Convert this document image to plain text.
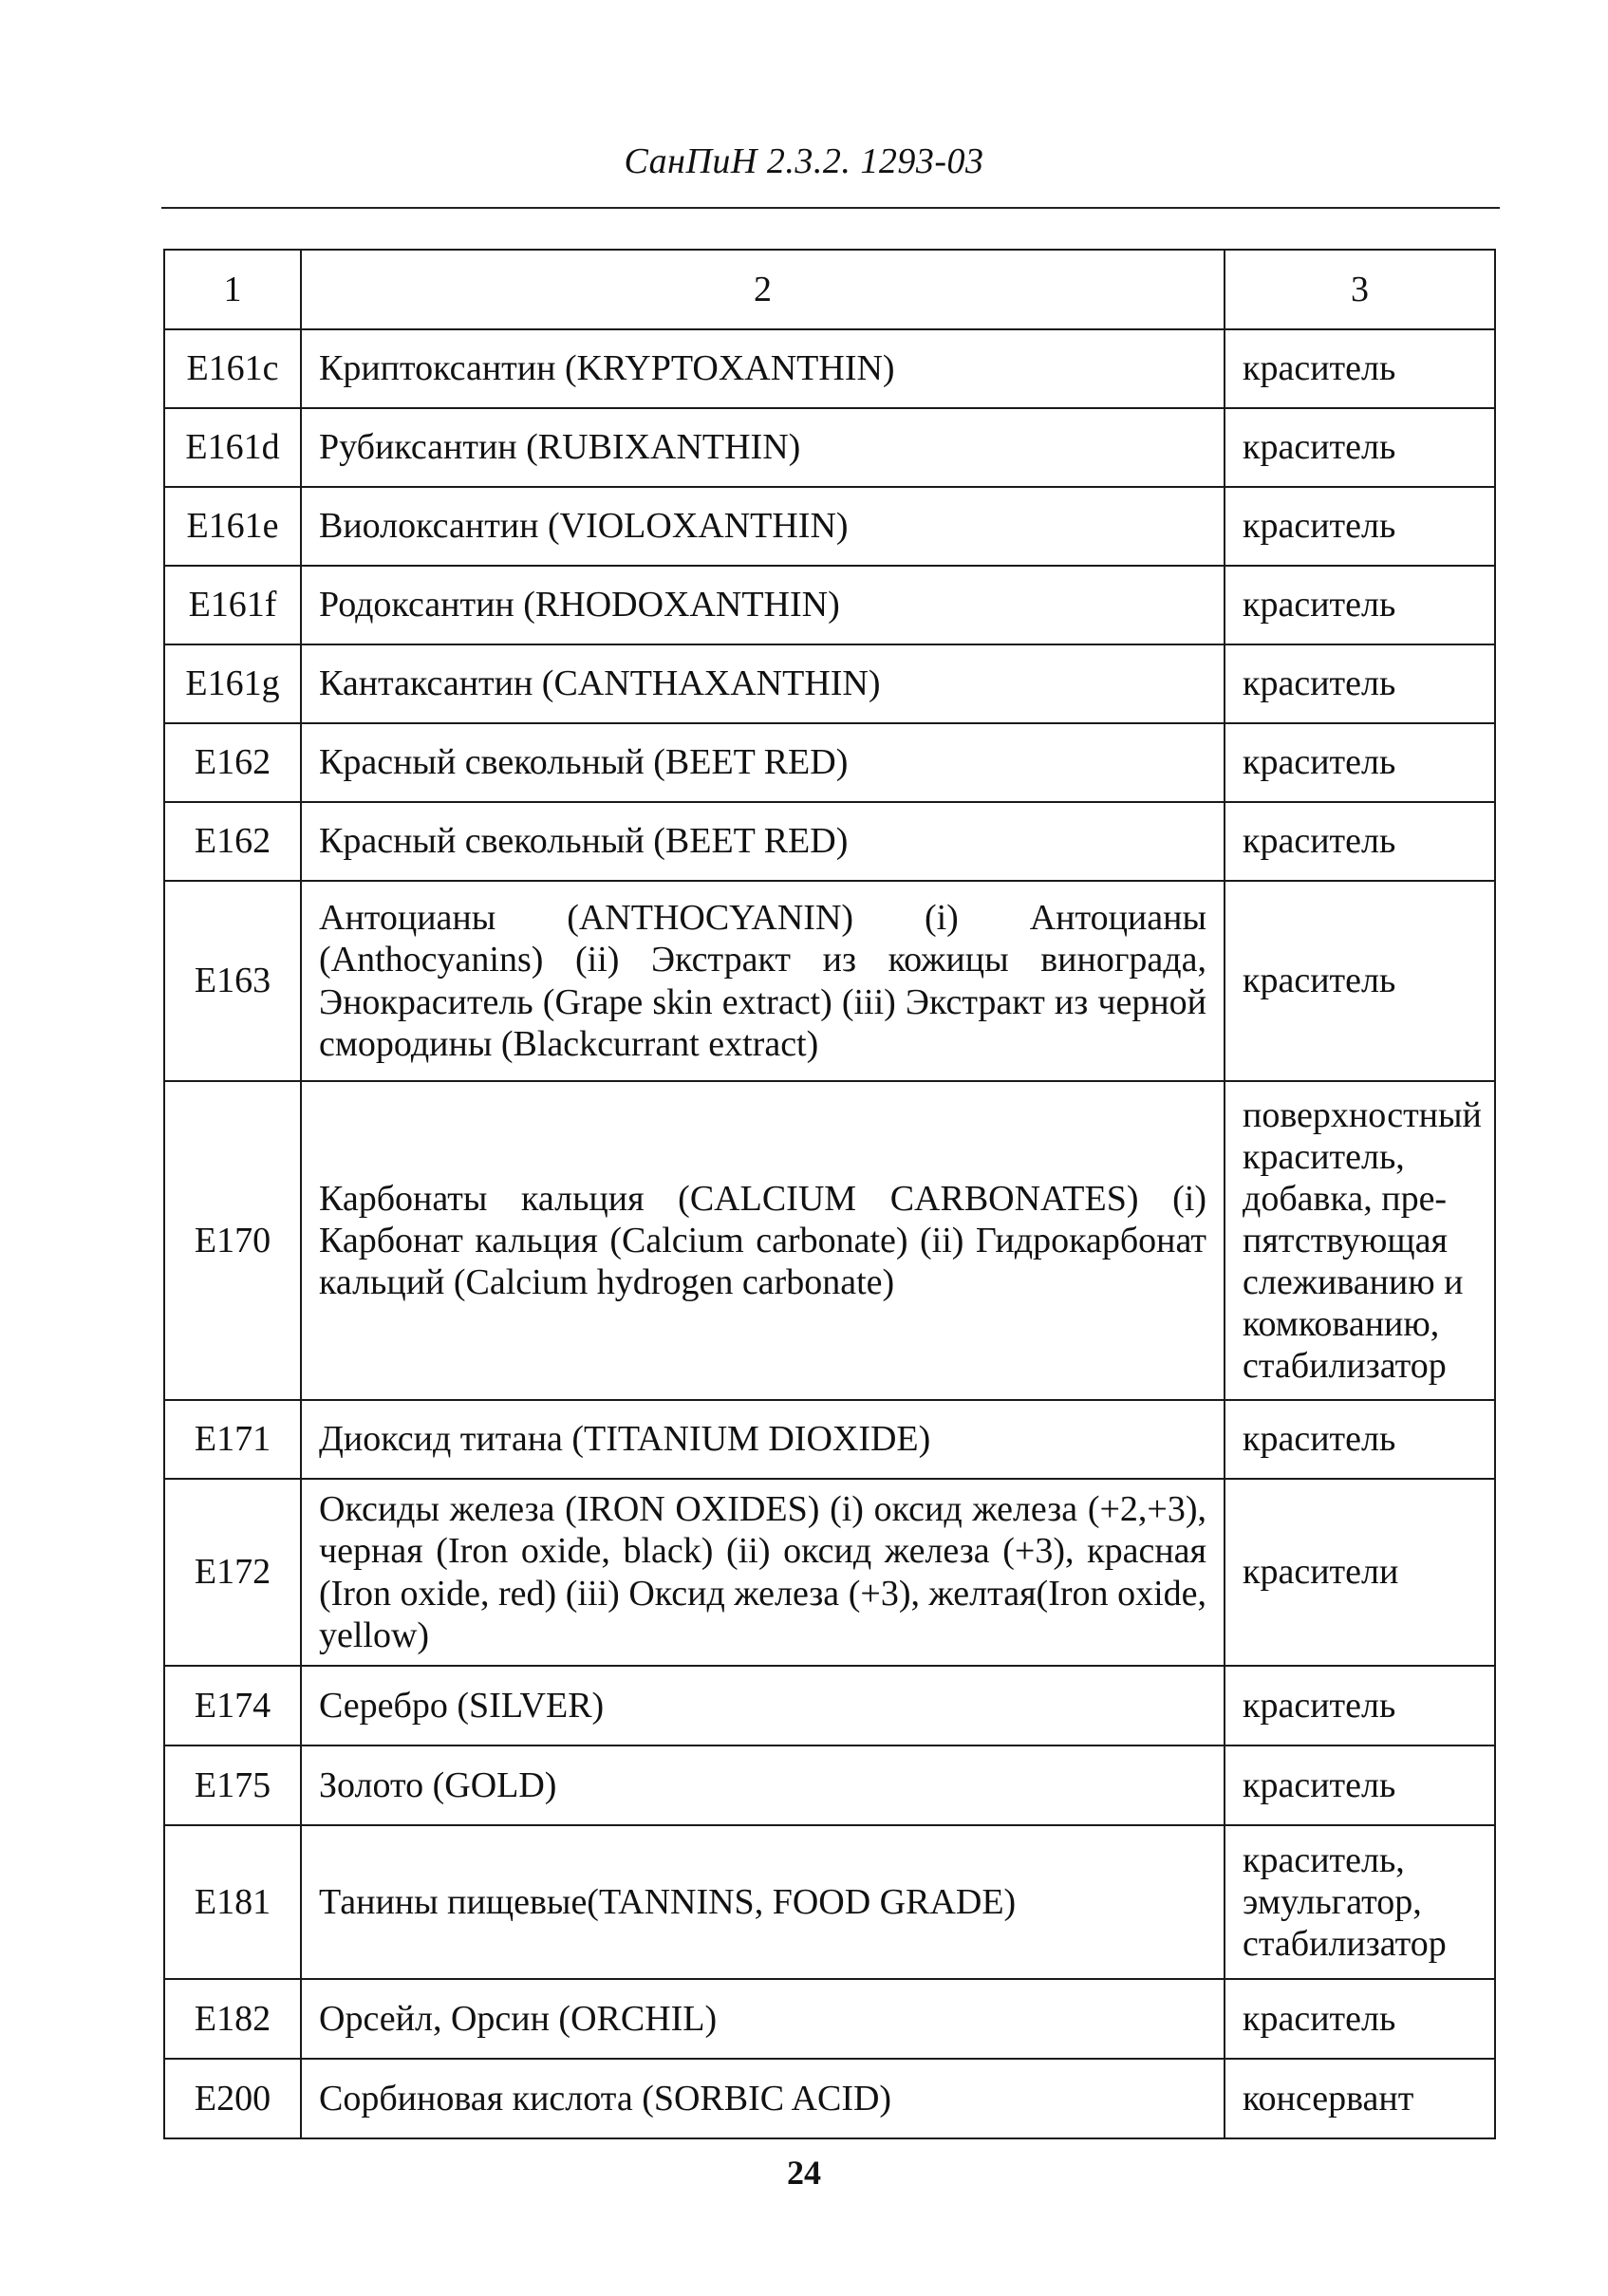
СанПиН 2.3.2. 1293-03
1	2	3
E161c	Криптоксантин (KRYPTOXANTHIN)	краситель
E161d	Рубиксантин (RUBIXANTHIN)	краситель
E161e	Виолоксантин (VIOLOXANTHIN)	краситель
E161f	Родоксантин (RHODOXANTHIN)	краситель
E161g	Кантаксантин (CANTHAXANTHIN)	краситель
E162	Красный свекольный (BEET RED)	краситель
E162	Красный свекольный (BEET RED)	краситель
E163	Антоцианы (ANTHOCYANIN) (i) Антоцианы (Anthocyanins) (ii) Экстракт из кожицы винограда, Энокраситель (Grape skin extract) (iii) Экстракт из черной смородины (Blackcurrant extract)	краситель
E170	Карбонаты кальция (CALCIUM CARBONATES) (i) Карбонат кальция (Calcium carbonate) (ii) Гидрокарбонат кальций (Calcium hydrogen carbonate)	поверхностный краситель, добавка, пре-пятствующая слеживанию и комкованию, стабилизатор
E171	Диоксид титана (TITANIUM DIOXIDE)	краситель
E172	Оксиды железа (IRON OXIDES) (i) оксид железа (+2,+3), черная (Iron oxide, black) (ii) оксид железа (+3), красная (Iron oxide, red) (iii) Оксид железа (+3), желтая(Iron oxide, yellow)	красители
E174	Серебро (SILVER)	краситель
E175	Золото (GOLD)	краситель
E181	Танины пищевые(TANNINS, FOOD GRADE)	краситель, эмульгатор, стабилизатор
E182	Орсейл, Орсин (ORCHIL)	краситель
E200	Сорбиновая кислота (SORBIC ACID)	консервант
24
